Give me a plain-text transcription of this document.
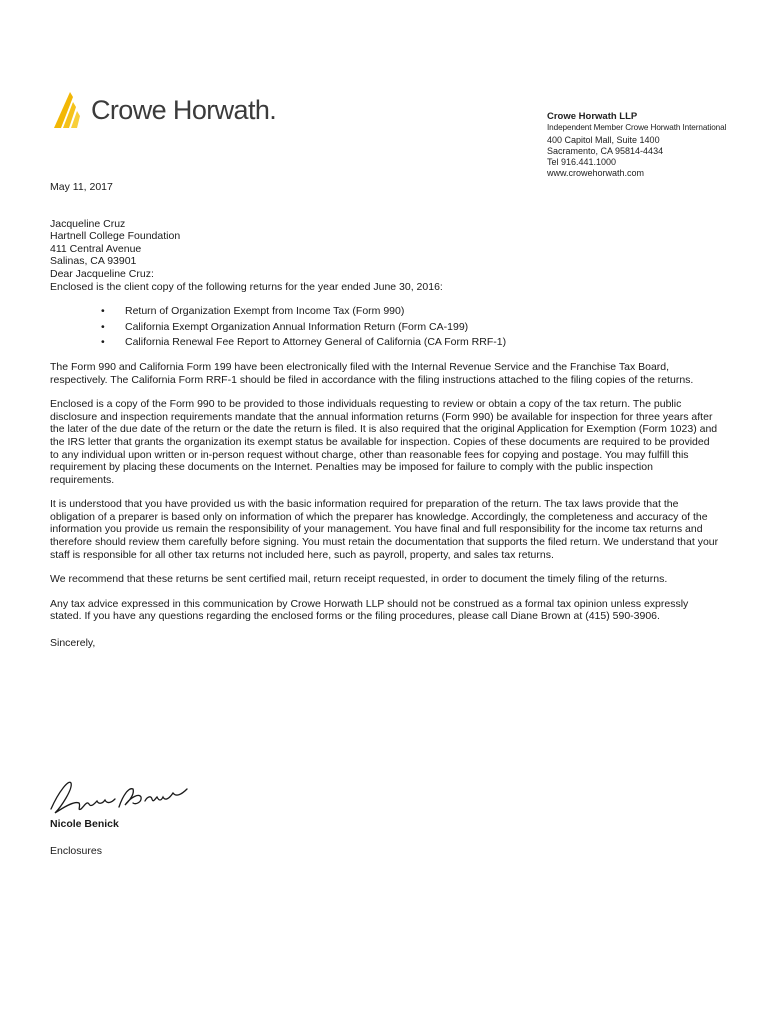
Crowe Horwath.	Crowe Horwath LLP
Independent Member Crowe Horwath International
400 Capitol Mall, Suite 1400
Sacramento, CA 95814-4434
Tel 916.441.1000
www.crowehorwath.com

May 11, 2017

Jacqueline Cruz
Hartnell College Foundation
411 Central Avenue
Salinas, CA 93901

Dear Jacqueline Cruz:

Enclosed is the client copy of the following returns for the year ended June 30, 2016:

• Return of Organization Exempt from Income Tax (Form 990)
• California Exempt Organization Annual Information Return (Form CA-199)
• California Renewal Fee Report to Attorney General of California (CA Form RRF-1)

The Form 990 and California Form 199 have been electronically filed with the Internal Revenue Service and the Franchise Tax Board, respectively. The California Form RRF-1 should be filed in accordance with the filing instructions attached to the filing copies of the returns.

Enclosed is a copy of the Form 990 to be provided to those individuals requesting to review or obtain a copy of the tax return. The public disclosure and inspection requirements mandate that the annual information returns (Form 990) be available for inspection for three years after the later of the due date of the return or the date the return is filed. It is also required that the original Application for Exemption (Form 1023) and the IRS letter that grants the organization its exempt status be available for inspection. Copies of these documents are required to be provided to any individual upon written or in-person request without charge, other than reasonable fees for copying and postage. You may fulfill this requirement by placing these documents on the Internet. Penalties may be imposed for failure to comply with the public inspection requirements.

It is understood that you have provided us with the basic information required for preparation of the return. The tax laws provide that the obligation of a preparer is based only on information of which the preparer has knowledge. Accordingly, the completeness and accuracy of the information you provide us remain the responsibility of your management. You have final and full responsibility for the income tax returns and therefore should review them carefully before signing. You must retain the documentation that supports the filed return. We understand that your staff is responsible for all other tax returns not included here, such as payroll, property, and sales tax returns.

We recommend that these returns be sent certified mail, return receipt requested, in order to document the timely filing of the returns.

Any tax advice expressed in this communication by Crowe Horwath LLP should not be construed as a formal tax opinion unless expressly stated. If you have any questions regarding the enclosed forms or the filing procedures, please call Diane Brown at (415) 590-3906.

Sincerely,

Nicole Benick
Enclosures
